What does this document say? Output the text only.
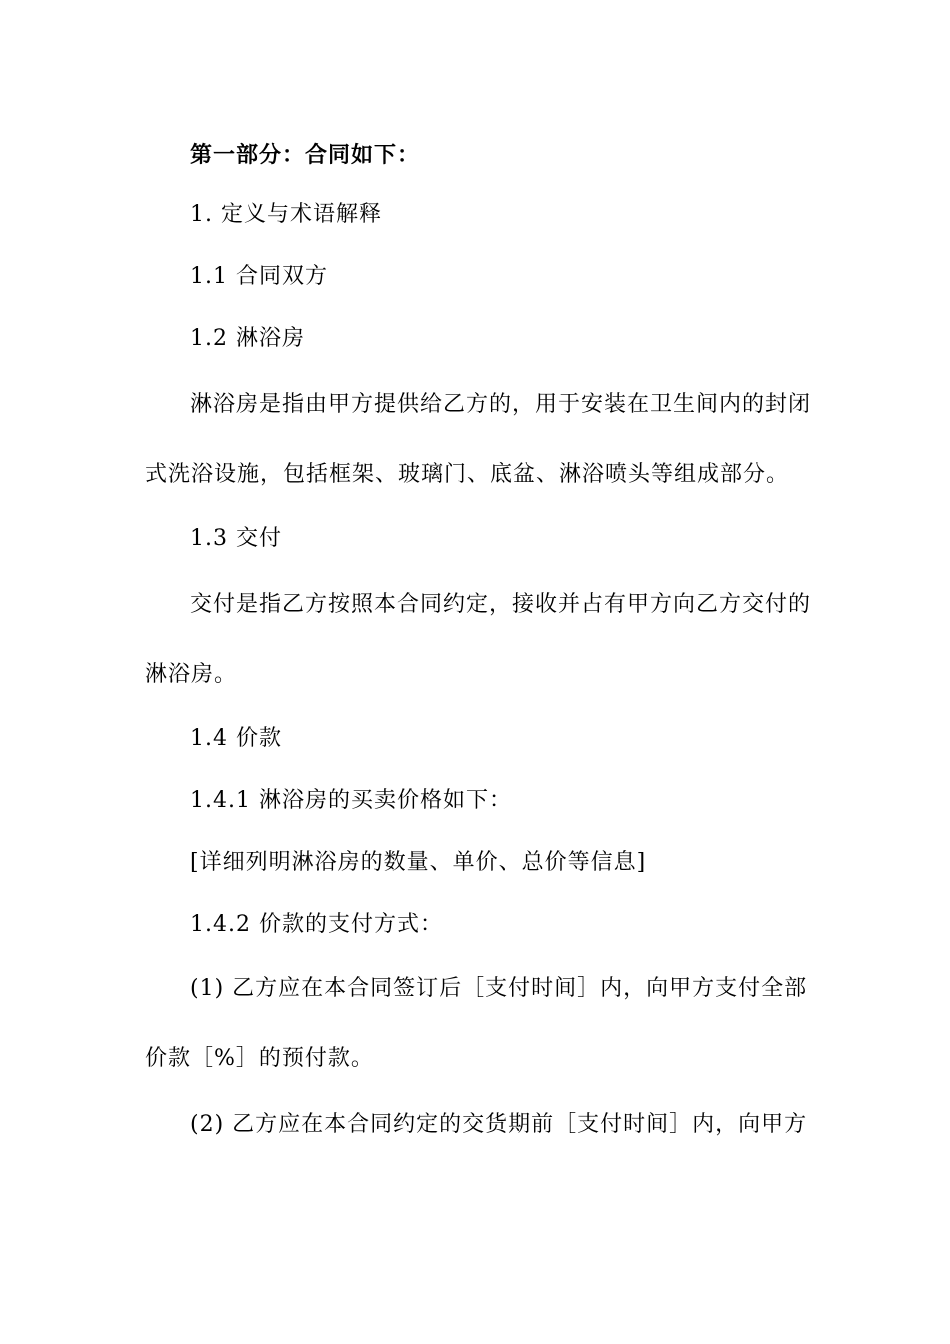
第一部分：合同如下：
1. 定义与术语解释
1.1 合同双方
1.2 淋浴房
淋浴房是指由甲方提供给乙方的，用于安装在卫生间内的封闭
式洗浴设施，包括框架、玻璃门、底盆、淋浴喷头等组成部分。
1.3 交付
交付是指乙方按照本合同约定，接收并占有甲方向乙方交付的
淋浴房。
1.4 价款
1.4.1 淋浴房的买卖价格如下：
[详细列明淋浴房的数量、单价、总价等信息]
1.4.2 价款的支付方式：
(1) 乙方应在本合同签订后［支付时间］内，向甲方支付全部
价款［%］的预付款。
(2) 乙方应在本合同约定的交货期前［支付时间］内，向甲方
